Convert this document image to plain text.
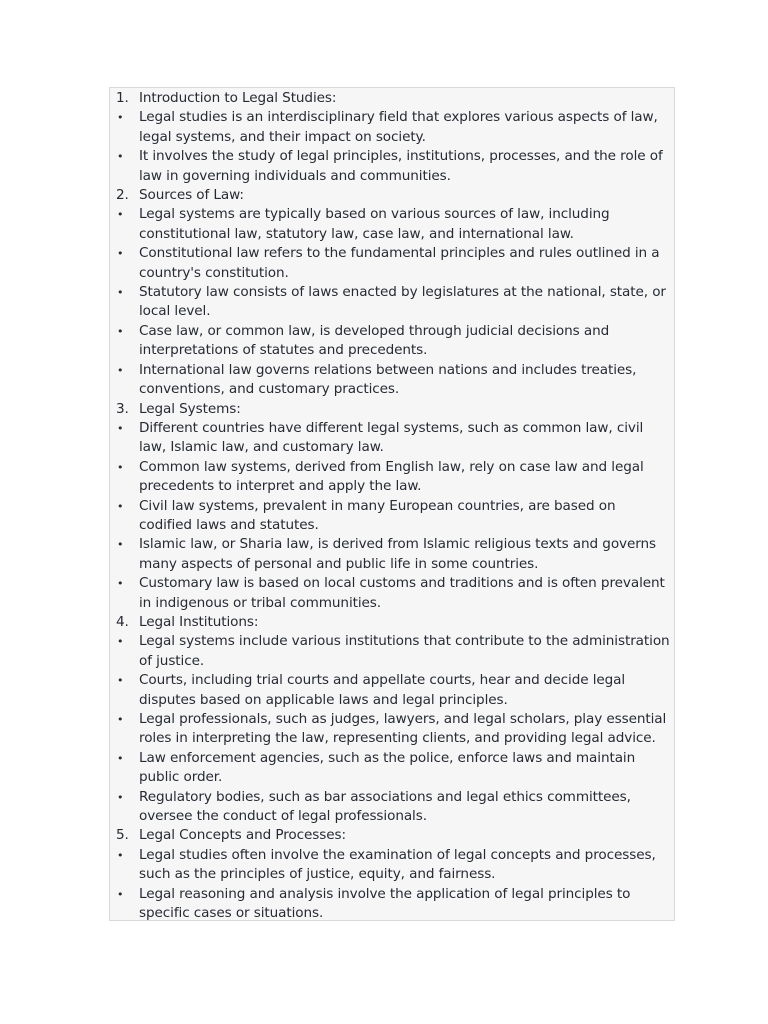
1. Introduction to Legal Studies:
• Legal studies is an interdisciplinary field that explores various aspects of law, legal systems, and their impact on society.
• It involves the study of legal principles, institutions, processes, and the role of law in governing individuals and communities.
2. Sources of Law:
• Legal systems are typically based on various sources of law, including constitutional law, statutory law, case law, and international law.
• Constitutional law refers to the fundamental principles and rules outlined in a country's constitution.
• Statutory law consists of laws enacted by legislatures at the national, state, or local level.
• Case law, or common law, is developed through judicial decisions and interpretations of statutes and precedents.
• International law governs relations between nations and includes treaties, conventions, and customary practices.
3. Legal Systems:
• Different countries have different legal systems, such as common law, civil law, Islamic law, and customary law.
• Common law systems, derived from English law, rely on case law and legal precedents to interpret and apply the law.
• Civil law systems, prevalent in many European countries, are based on codified laws and statutes.
• Islamic law, or Sharia law, is derived from Islamic religious texts and governs many aspects of personal and public life in some countries.
• Customary law is based on local customs and traditions and is often prevalent in indigenous or tribal communities.
4. Legal Institutions:
• Legal systems include various institutions that contribute to the administration of justice.
• Courts, including trial courts and appellate courts, hear and decide legal disputes based on applicable laws and legal principles.
• Legal professionals, such as judges, lawyers, and legal scholars, play essential roles in interpreting the law, representing clients, and providing legal advice.
• Law enforcement agencies, such as the police, enforce laws and maintain public order.
• Regulatory bodies, such as bar associations and legal ethics committees, oversee the conduct of legal professionals.
5. Legal Concepts and Processes:
• Legal studies often involve the examination of legal concepts and processes, such as the principles of justice, equity, and fairness.
• Legal reasoning and analysis involve the application of legal principles to specific cases or situations.
